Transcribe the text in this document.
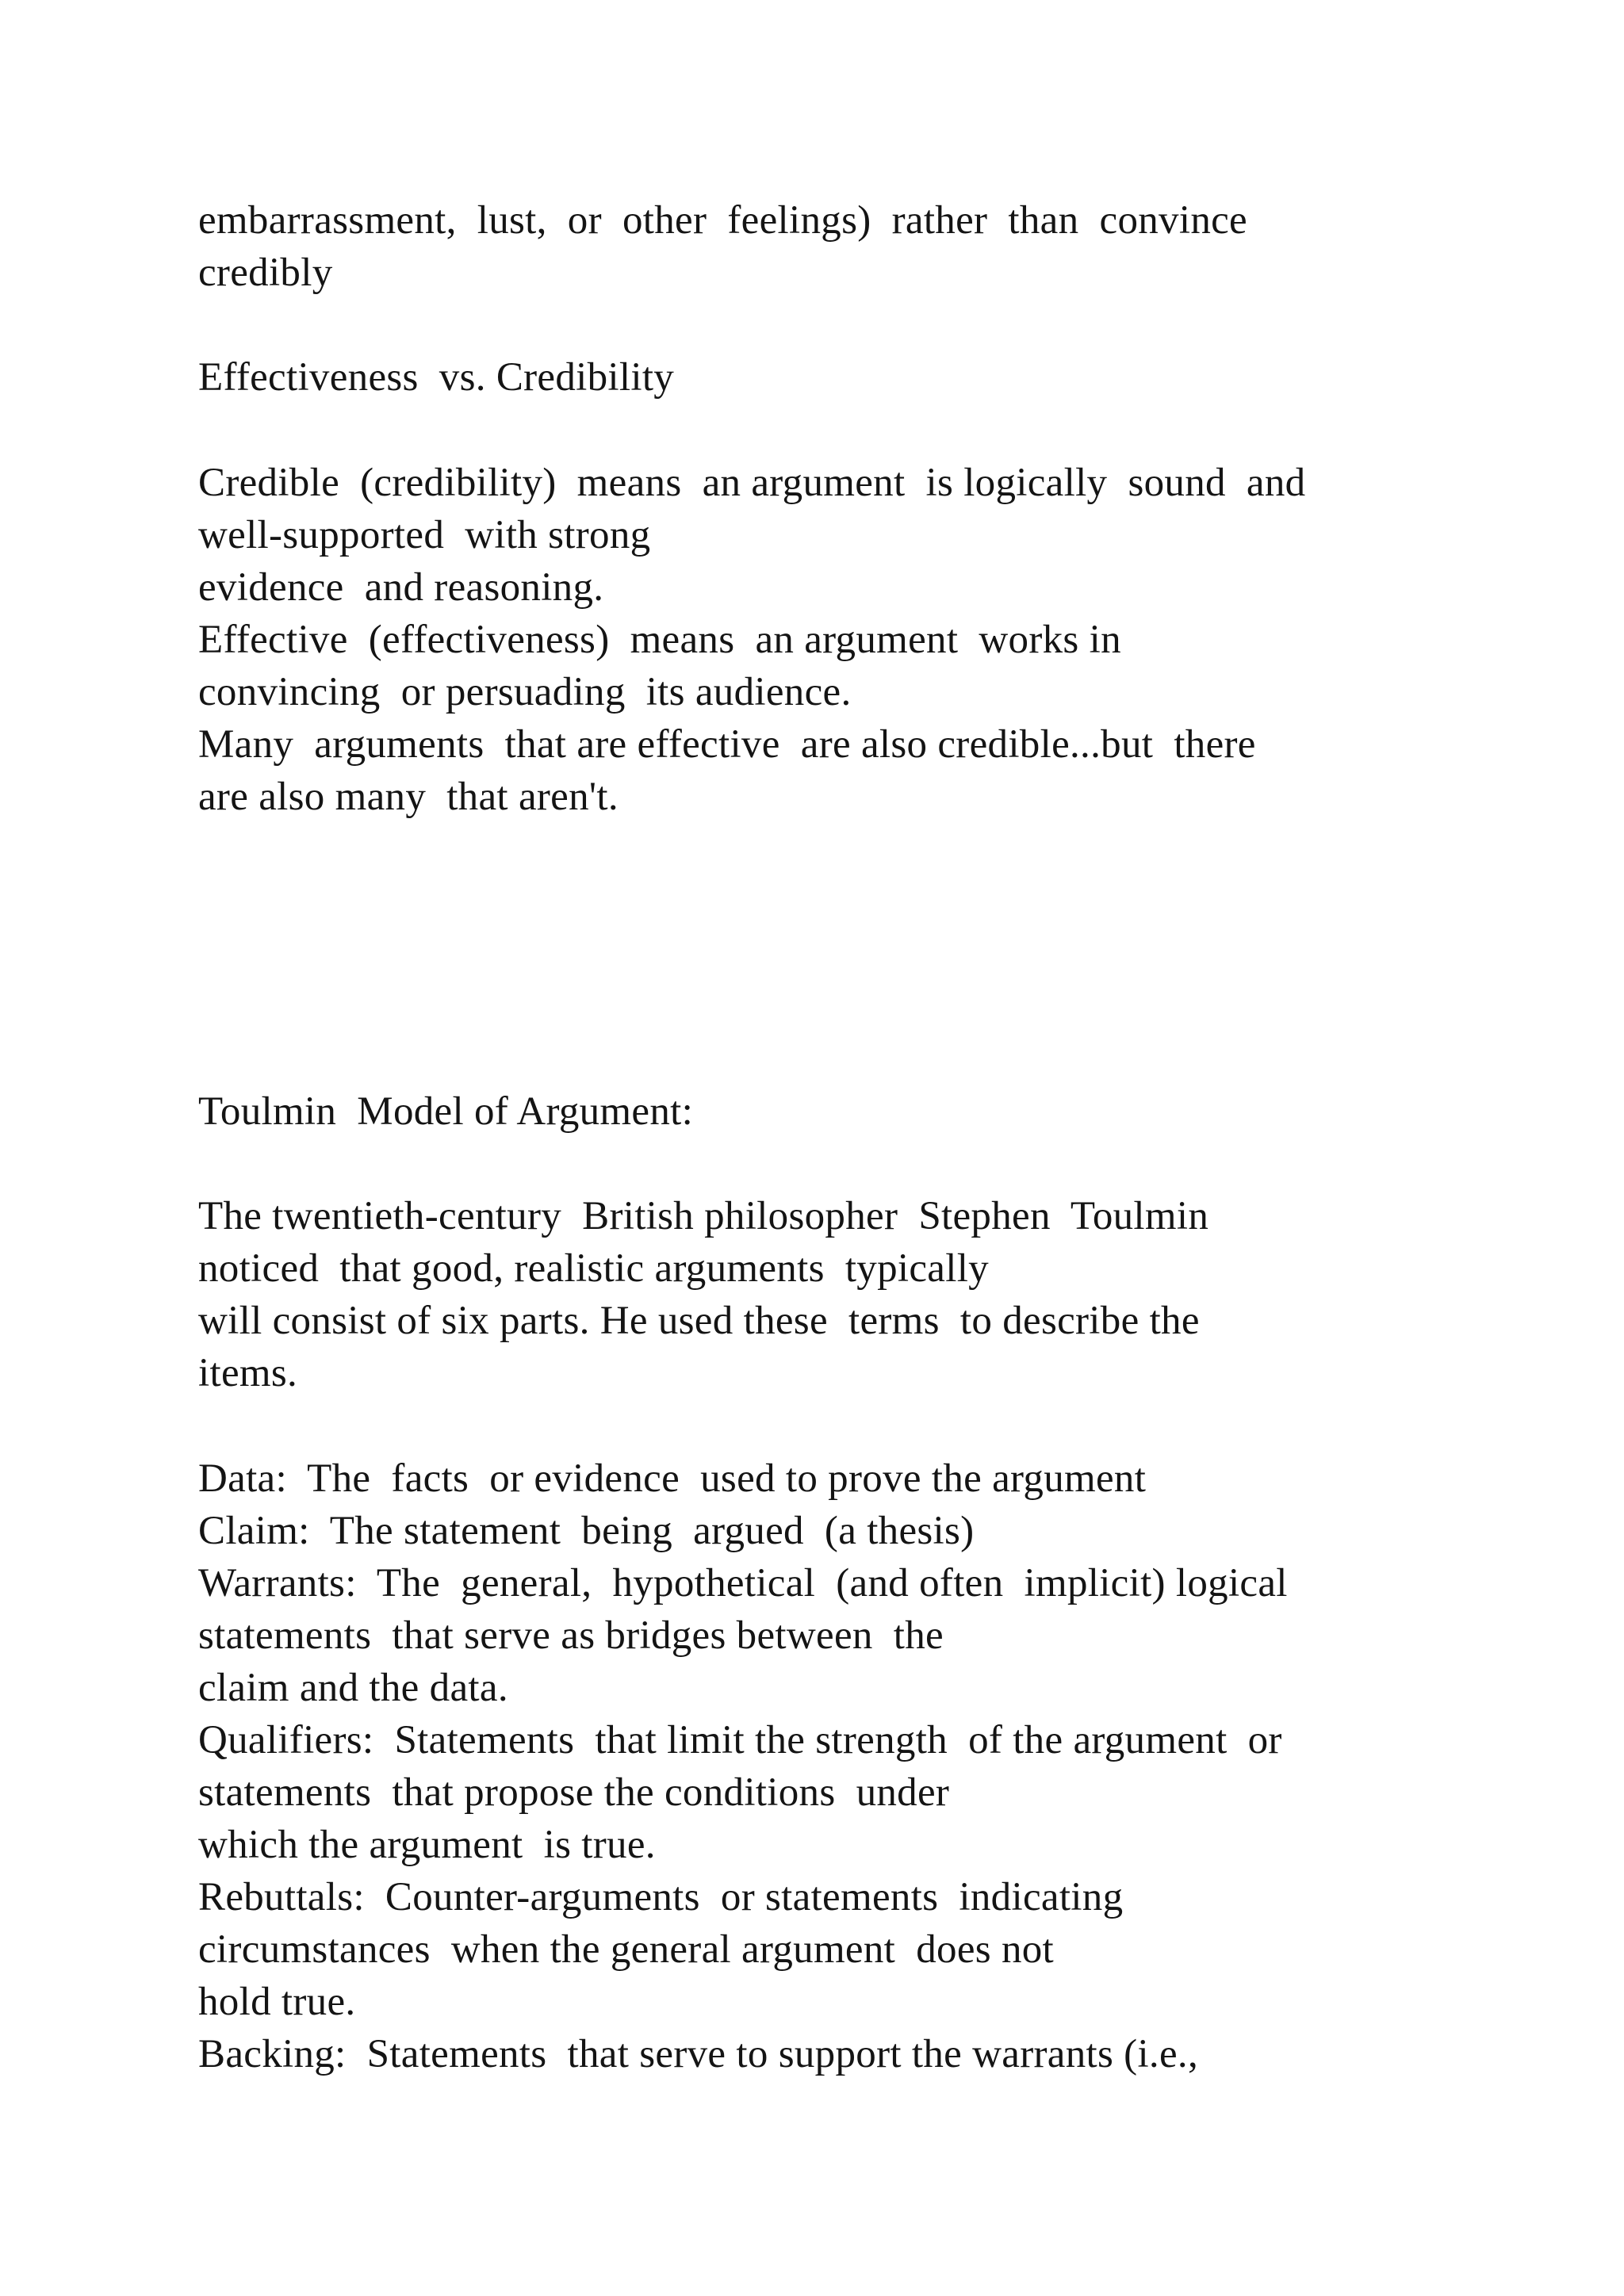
embarrassment,  lust,  or  other  feelings)  rather  than  convince

credibly

Effectiveness  vs. Credibility

Credible  (credibility)  means  an argument  is logically  sound  and

well-supported  with strong

evidence  and reasoning.

Effective  (effectiveness)  means  an argument  works in

convincing  or persuading  its audience.

Many  arguments  that are effective  are also credible...but  there

are also many  that aren't.

Toulmin  Model of Argument:

The twentieth-century  British philosopher  Stephen  Toulmin

noticed  that good, realistic arguments  typically

will consist of six parts. He used these  terms  to describe the

items.

Data:  The  facts  or evidence  used to prove the argument

Claim:  The statement  being  argued  (a thesis)

Warrants:  The  general,  hypothetical  (and often  implicit) logical

statements  that serve as bridges between  the

claim and the data.

Qualifiers:  Statements  that limit the strength  of the argument  or

statements  that propose the conditions  under

which the argument  is true.

Rebuttals:  Counter-arguments  or statements  indicating

circumstances  when the general argument  does not

hold true.

Backing:  Statements  that serve to support the warrants (i.e.,
